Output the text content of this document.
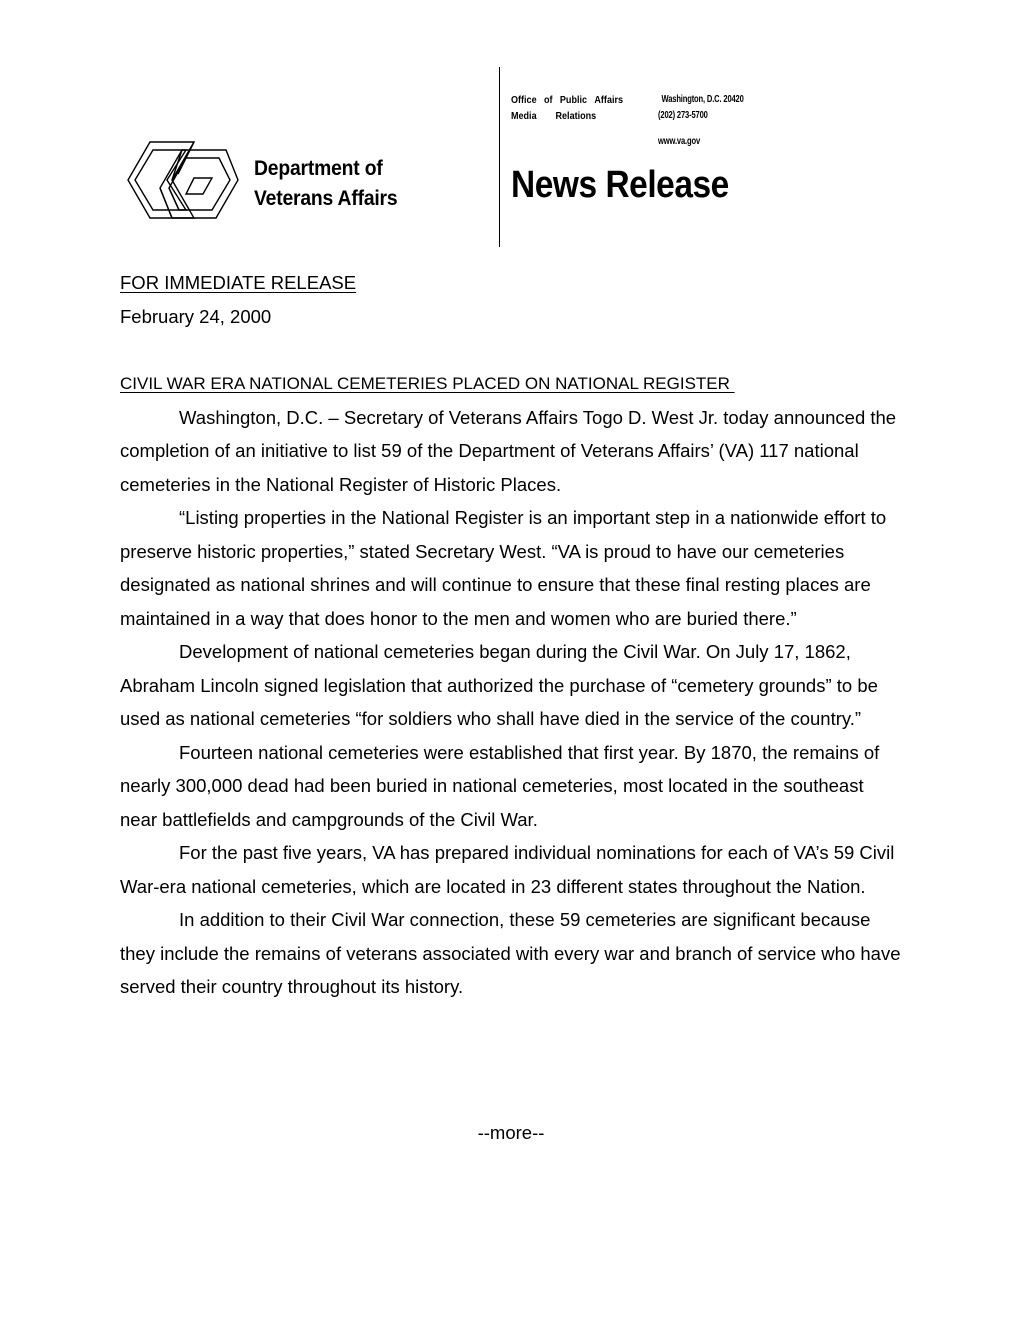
Department of
Veterans Affairs
Office of Public Affairs	Washington, D.C. 20420
Media Relations	(202) 273-5700
www.va.gov
News Release
FOR IMMEDIATE RELEASE
February 24, 2000
CIVIL WAR ERA NATIONAL CEMETERIES PLACED ON NATIONAL REGISTER

Washington, D.C. – Secretary of Veterans Affairs Togo D. West Jr. today announced the completion of an initiative to list 59 of the Department of Veterans Affairs’ (VA) 117 national cemeteries in the National Register of Historic Places.

“Listing properties in the National Register is an important step in a nationwide effort to preserve historic properties,” stated Secretary West. “VA is proud to have our cemeteries designated as national shrines and will continue to ensure that these final resting places are maintained in a way that does honor to the men and women who are buried there.”

Development of national cemeteries began during the Civil War. On July 17, 1862, Abraham Lincoln signed legislation that authorized the purchase of “cemetery grounds” to be used as national cemeteries “for soldiers who shall have died in the service of the country.”

Fourteen national cemeteries were established that first year. By 1870, the remains of nearly 300,000 dead had been buried in national cemeteries, most located in the southeast near battlefields and campgrounds of the Civil War.

For the past five years, VA has prepared individual nominations for each of VA’s 59 Civil War-era national cemeteries, which are located in 23 different states throughout the Nation.

In addition to their Civil War connection, these 59 cemeteries are significant because they include the remains of veterans associated with every war and branch of service who have served their country throughout its history.

--more--
